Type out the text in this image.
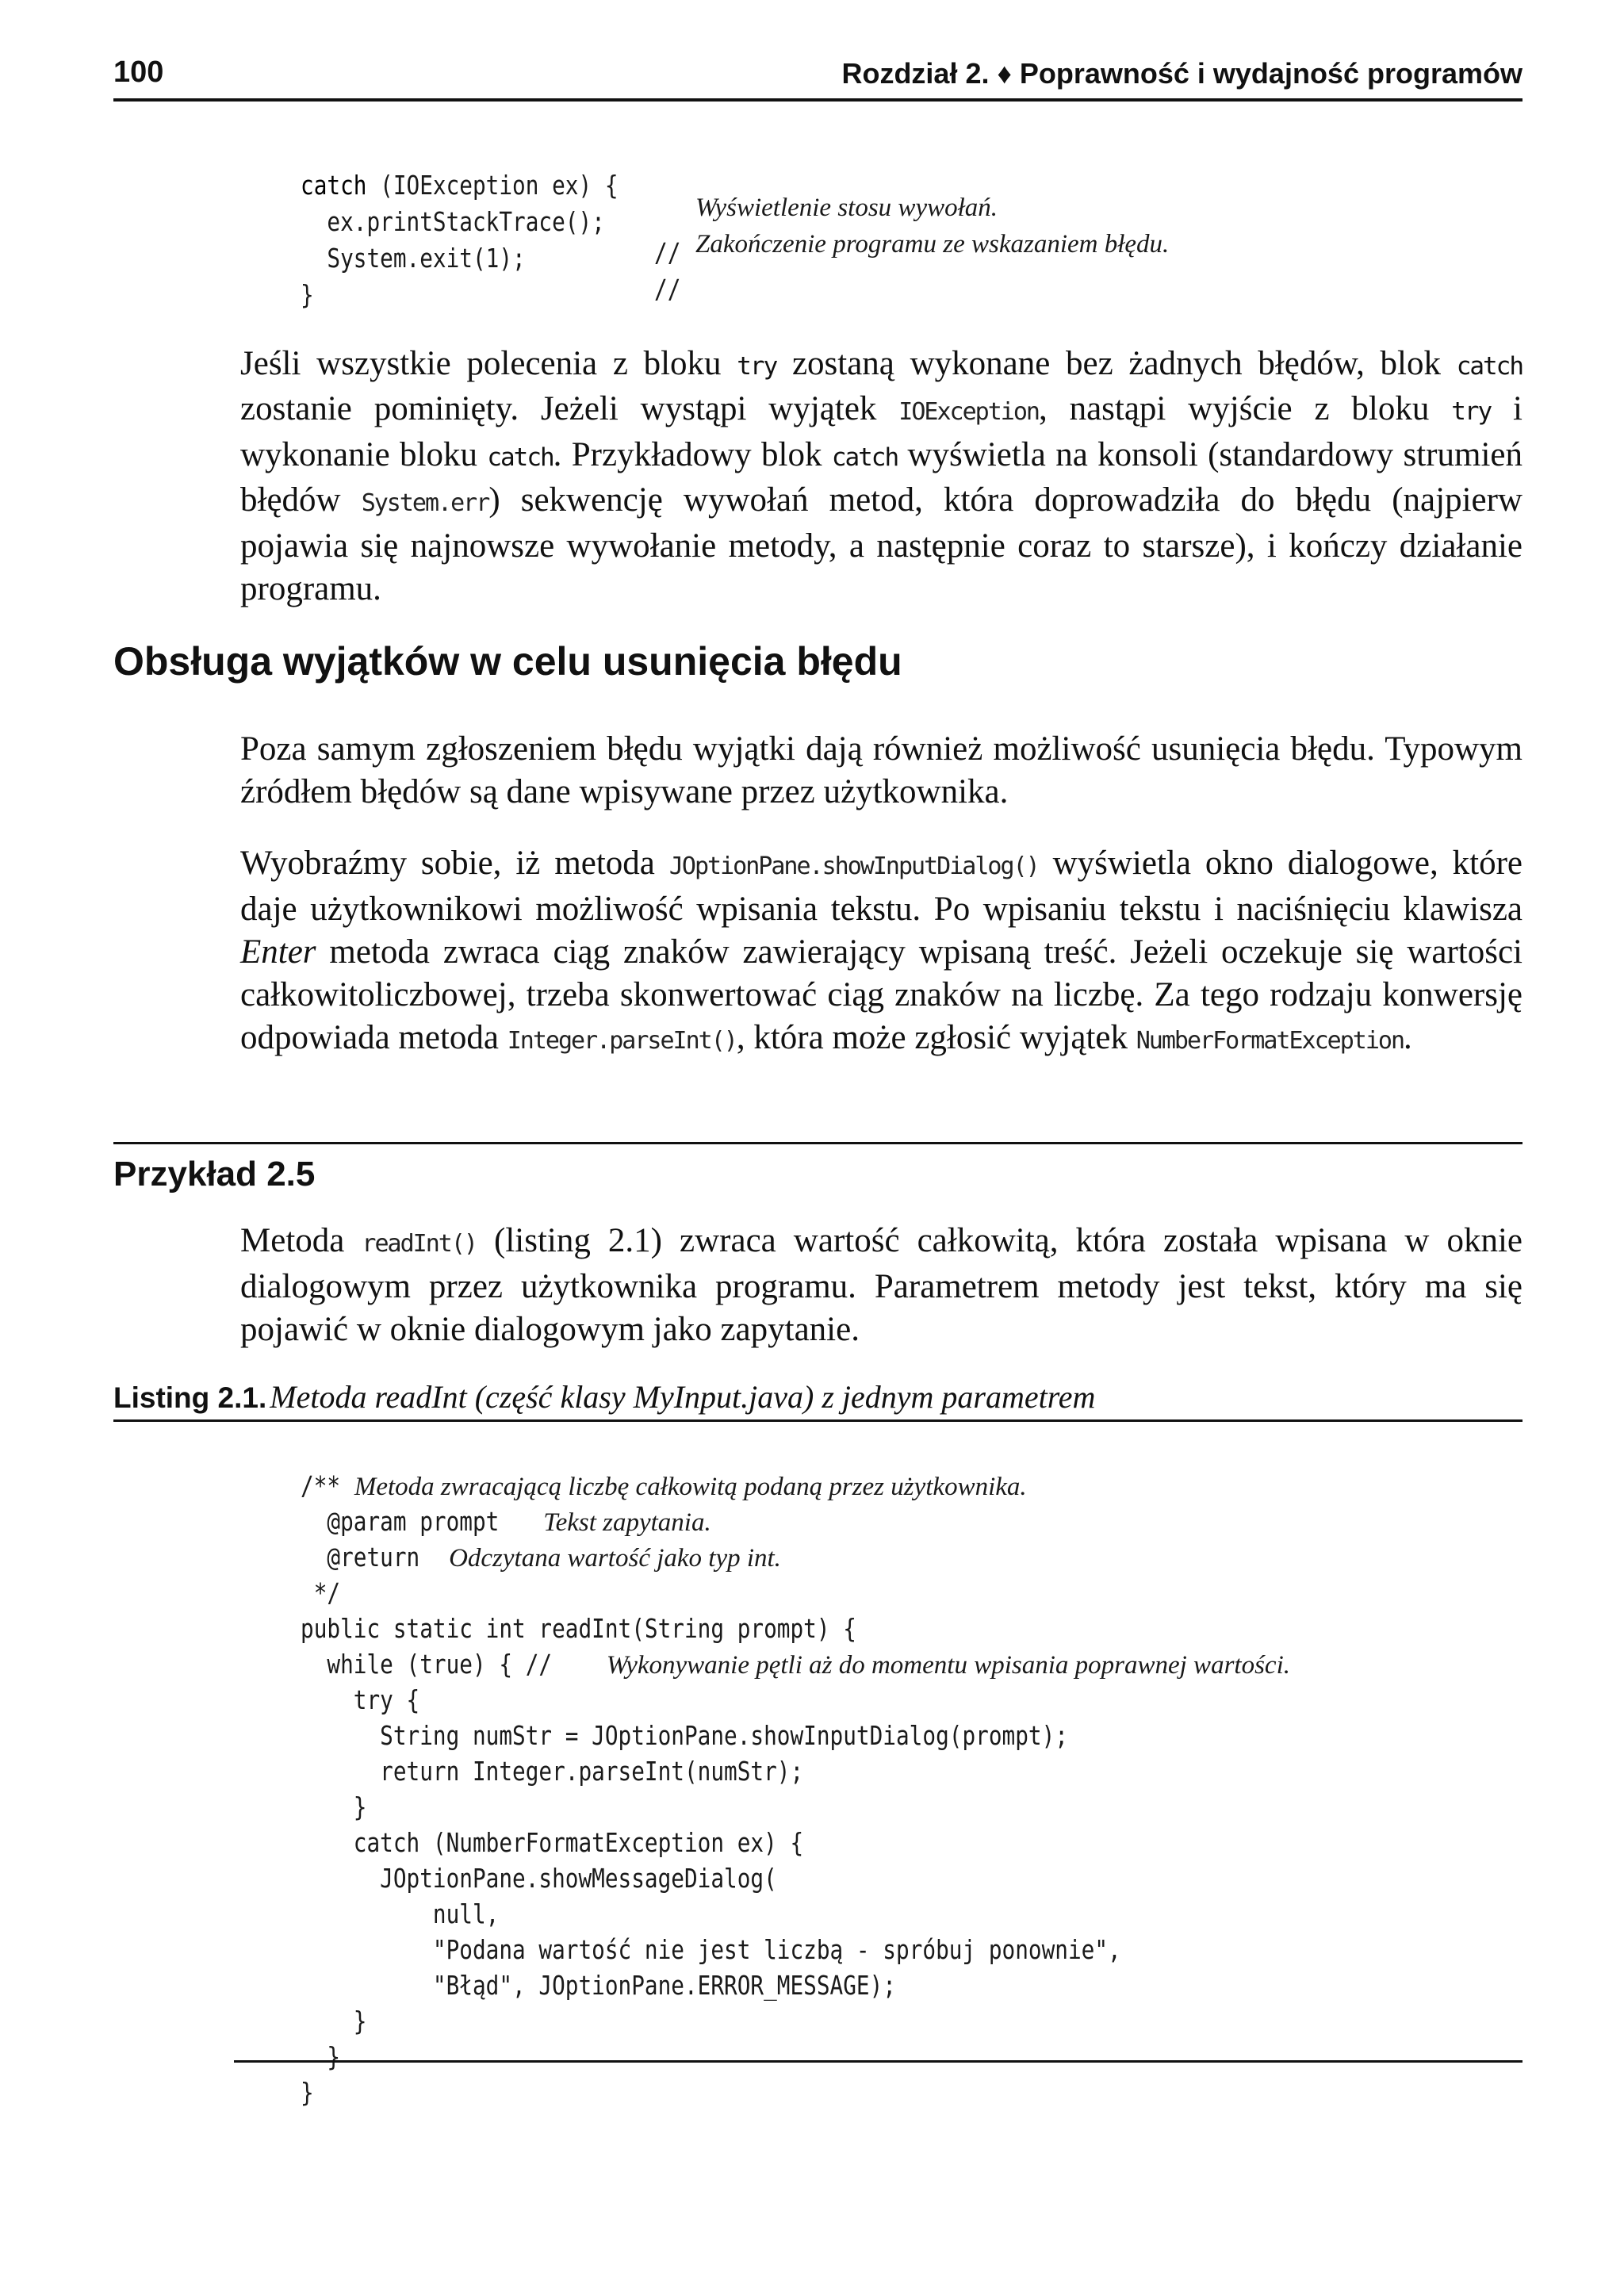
100	Rozdział 2. ♦ Poprawność i wydajność programów

catch (IOException ex) {

ex.printStackTrace();

//

Wyświetlenie stosu wywołań.

System.exit(1);

//

Zakończenie programu ze wskazaniem błędu.

}

Jeśli wszystkie polecenia z bloku try zostaną wykonane bez żadnych błędów, blok catch zostanie pominięty. Jeżeli wystąpi wyjątek IOException, nastąpi wyjście z bloku try i wykonanie bloku catch. Przykładowy blok catch wyświetla na konsoli (standardowy strumień błędów System.err) sekwencję wywołań metod, która doprowadziła do błędu (najpierw pojawia się najnowsze wywołanie metody, a następnie coraz to starsze), i kończy działanie programu.

Obsługa wyjątków w celu usunięcia błędu

Poza samym zgłoszeniem błędu wyjątki dają również możliwość usunięcia błędu. Typowym źródłem błędów są dane wpisywane przez użytkownika.

Wyobraźmy sobie, iż metoda JOptionPane.showInputDialog() wyświetla okno dialogowe, które daje użytkownikowi możliwość wpisania tekstu. Po wpisaniu tekstu i naciśnięciu klawisza Enter metoda zwraca ciąg znaków zawierający wpisaną treść. Jeżeli oczekuje się wartości całkowitoliczbowej, trzeba skonwertować ciąg znaków na liczbę. Za tego rodzaju konwersję odpowiada metoda Integer.parseInt(), która może zgłosić wyjątek NumberFormatException.

Przykład 2.5

Metoda readInt() (listing 2.1) zwraca wartość całkowitą, która została wpisana w oknie dialogowym przez użytkownika programu. Parametrem metody jest tekst, który ma się pojawić w oknie dialogowym jako zapytanie.

Listing 2.1. Metoda readInt (część klasy MyInput.java) z jednym parametrem

/** Metoda zwracającą liczbę całkowitą podaną przez użytkownika.

@param prompt Tekst zapytania.

@return Odczytana wartość jako typ int.

*/

public static int readInt(String prompt) {

while (true) { // Wykonywanie pętli aż do momentu wpisania poprawnej wartości.

try {

String numStr = JOptionPane.showInputDialog(prompt);

return Integer.parseInt(numStr);

}

catch (NumberFormatException ex) {

JOptionPane.showMessageDialog(

null,

"Podana wartość nie jest liczbą - spróbuj ponownie",

"Błąd", JOptionPane.ERROR_MESSAGE);

}

}

}
